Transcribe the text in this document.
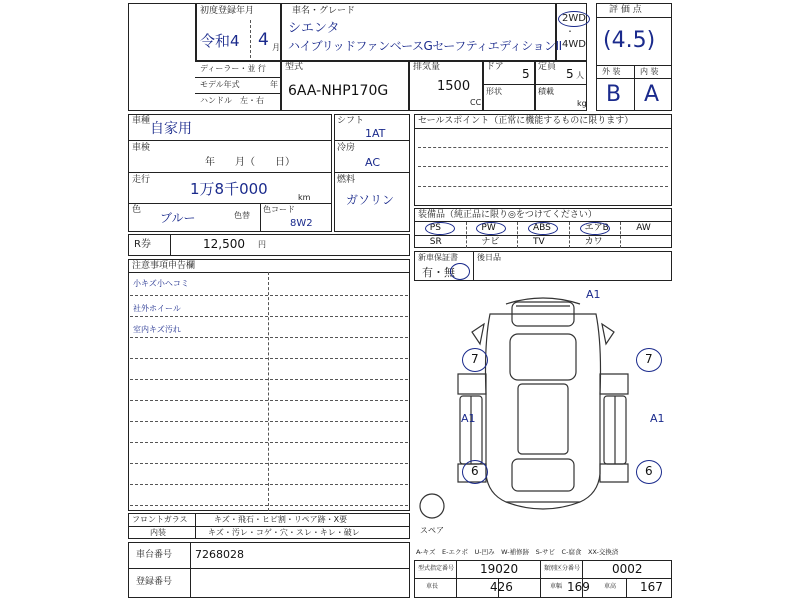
初度登録年月
令和4 4 月
車名・グレード
シエンタ
ハイブリッドファンベースGセーフティエディションII
2WD
・
4WD
ディーラー・並 行
モデル年式	年
ハンドル　左・右
型式
6AA-NHP170G
排気量
1500
CC
ドア 5 定員 5 人
形状	積載
kg
評 価 点
(4.5)
外 装 内 装
B A
車種 自家用
車検
年　　月（　　日）
走行	1万8千000	km
色
ブルー	色替
色コード
8W2
シフト
1AT
冷房
AC
燃料
ガソリン
R券	12,500 円
セールスポイント（正常に機能するものに限ります）
装備品（純正品に限り◎をつけてください）
PS	PW	ABS	エアB	AW
SR	ナビ	TV	カワ
新車保証書
有・無
後日品
注意事項申告欄
小キズ小ヘコミ
社外ホイール
室内キズ汚れ
A1
7	7
A1	A1
6	6
スペア
A-キズ　E-エクボ　U-凹み　W-補修跡　S-サビ　C-腐食　XX-交換済
フロントガラス	キズ・飛石・ヒビ割・リペア跡・X要
内装	キズ・汚レ・コゲ・穴・スレ・キレ・破レ
車台番号 7268028
登録番号
型式指定番号 19020	類別区分番号	0002
車長	426	車幅 169 車高 167
